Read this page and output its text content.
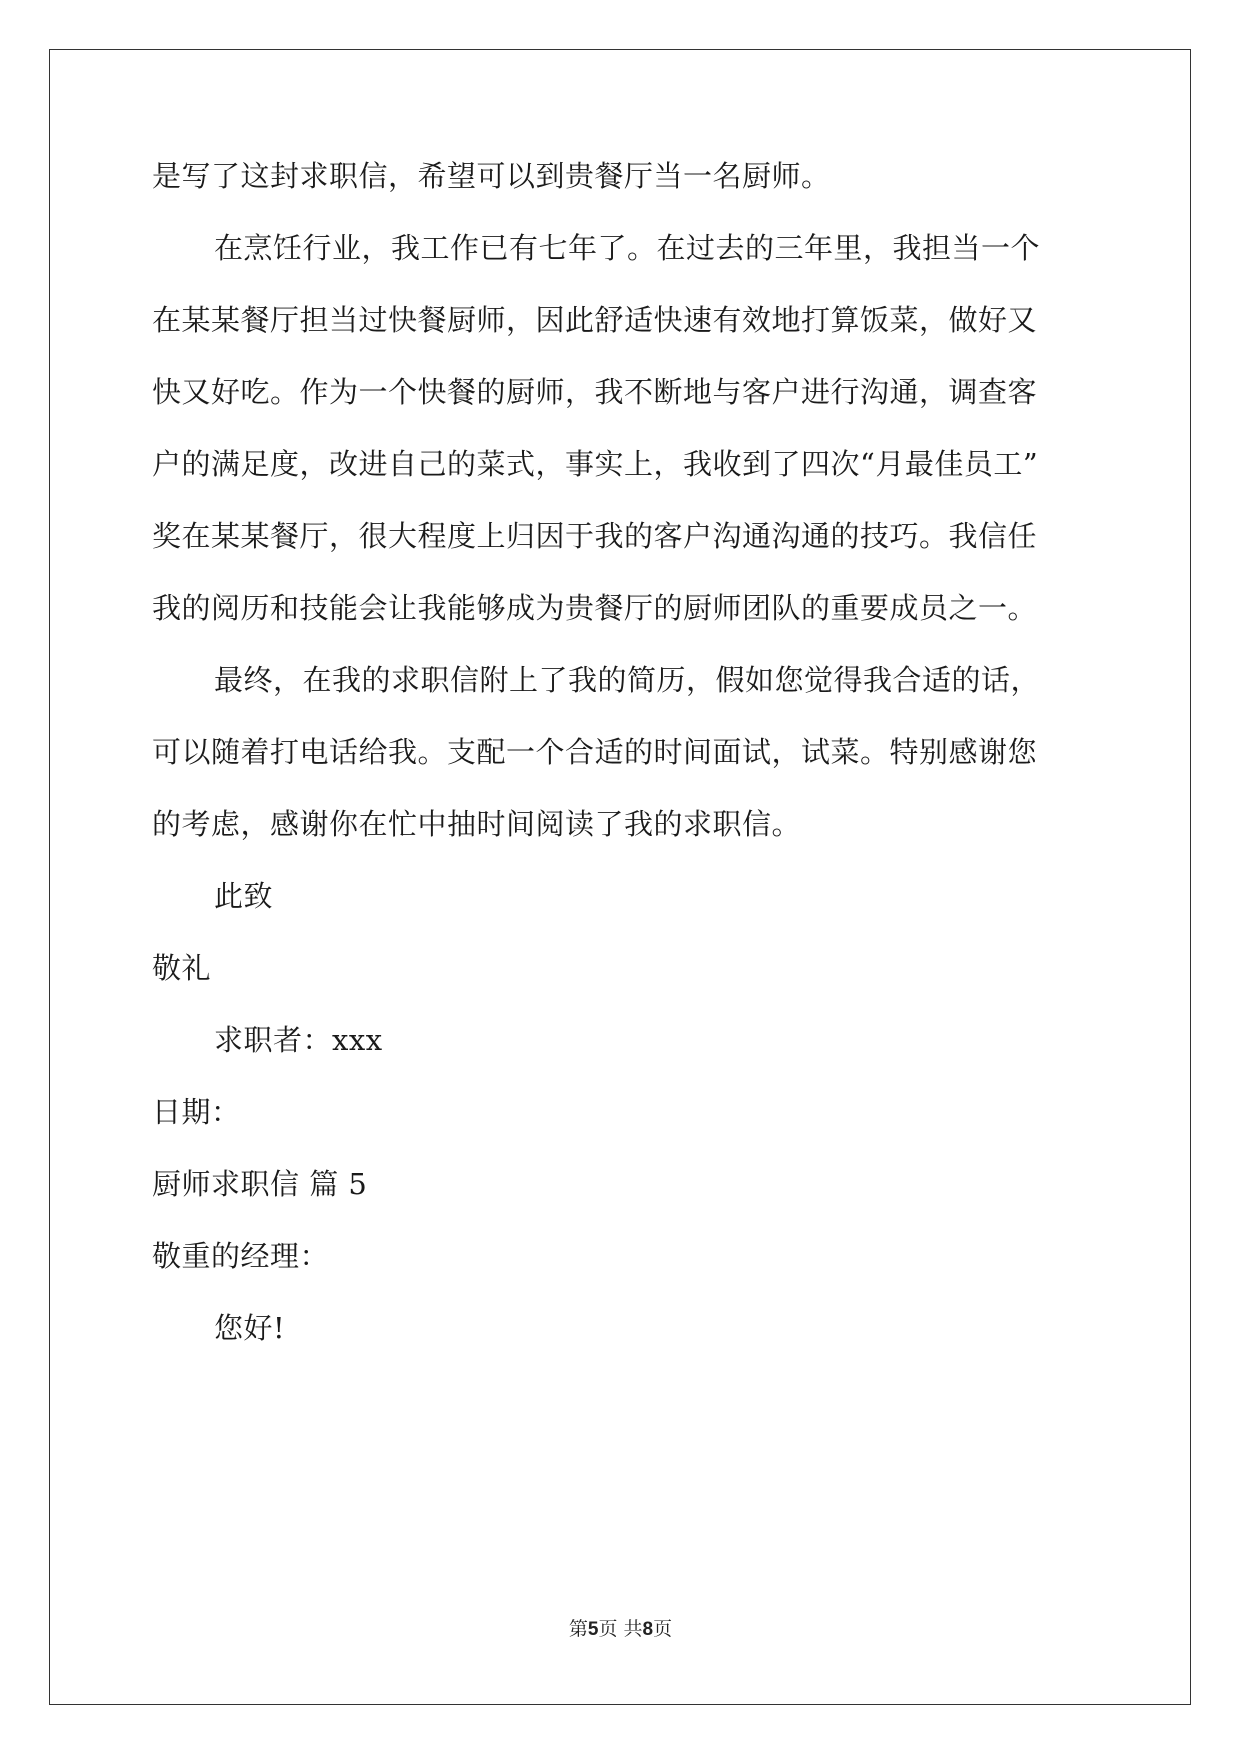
是写了这封求职信，希望可以到贵餐厅当一名厨师。
在烹饪行业，我工作已有七年了。在过去的三年里，我担当一个
在某某餐厅担当过快餐厨师，因此舒适快速有效地打算饭菜，做好又
快又好吃。作为一个快餐的厨师，我不断地与客户进行沟通，调查客
户的满足度，改进自己的菜式，事实上，我收到了四次“月最佳员工”
奖在某某餐厅，很大程度上归因于我的客户沟通沟通的技巧。我信任
我的阅历和技能会让我能够成为贵餐厅的厨师团队的重要成员之一。
最终，在我的求职信附上了我的简历，假如您觉得我合适的话，
可以随着打电话给我。支配一个合适的时间面试，试菜。特别感谢您
的考虑，感谢你在忙中抽时间阅读了我的求职信。
此致
敬礼
求职者：xxx
日期：
厨师求职信 篇 5
敬重的经理：
您好!
第5页 共8页
